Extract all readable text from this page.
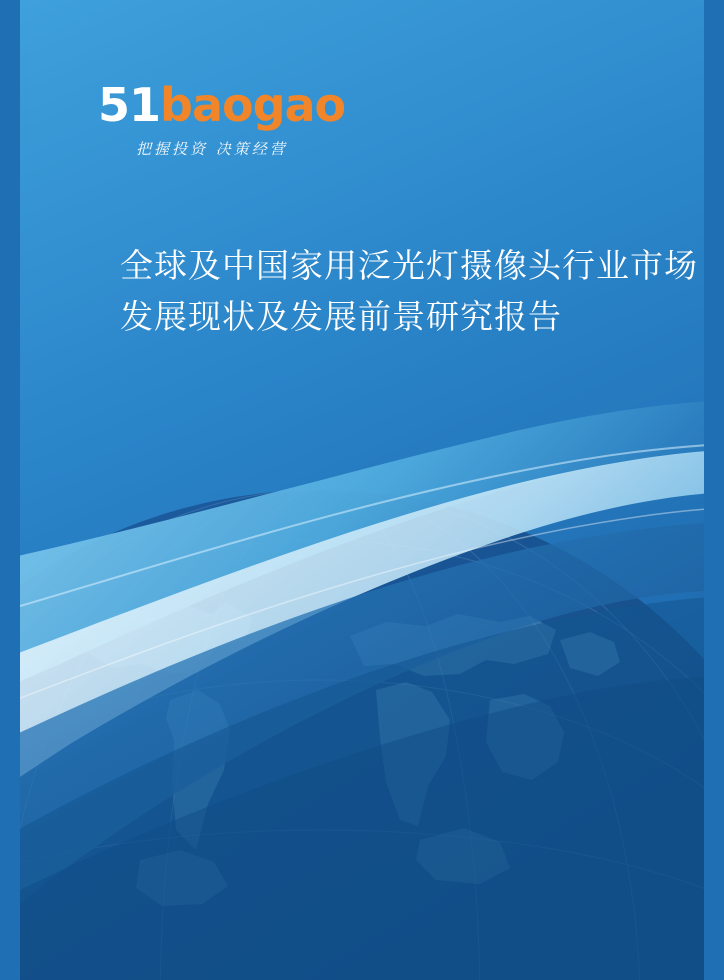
51baogao
把握投资 决策经营
全球及中国家用泛光灯摄像头行业市场发展现状及发展前景研究报告
